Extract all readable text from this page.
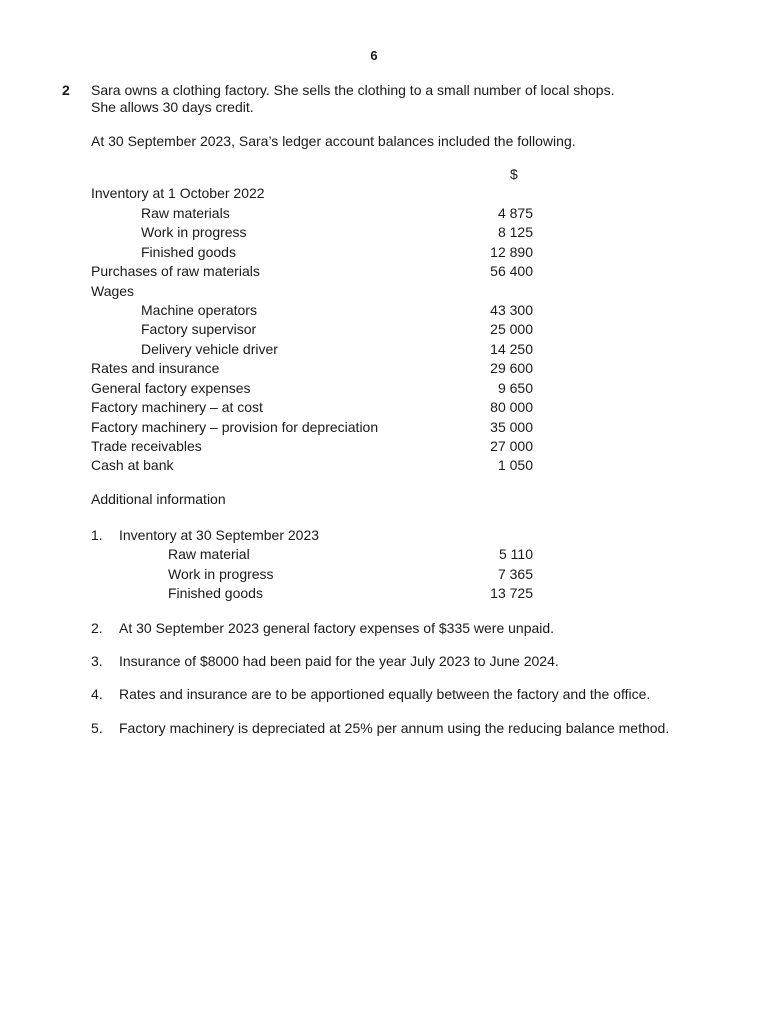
6
2 Sara owns a clothing factory. She sells the clothing to a small number of local shops.
She allows 30 days credit.
At 30 September 2023, Sara’s ledger account balances included the following.
$
Inventory at 1 October 2022
Raw materials	4 875
Work in progress	8 125
Finished goods	12 890
Purchases of raw materials	56 400
Wages
Machine operators	43 300
Factory supervisor	25 000
Delivery vehicle driver	14 250
Rates and insurance	29 600
General factory expenses	9 650
Factory machinery – at cost	80 000
Factory machinery – provision for depreciation	35 000
Trade receivables	27 000
Cash at bank	1 050
Additional information
1. Inventory at 30 September 2023
Raw material	5 110
Work in progress	7 365
Finished goods	13 725
2. At 30 September 2023 general factory expenses of $335 were unpaid.
3. Insurance of $8000 had been paid for the year July 2023 to June 2024.
4. Rates and insurance are to be apportioned equally between the factory and the office.
5. Factory machinery is depreciated at 25% per annum using the reducing balance method.
